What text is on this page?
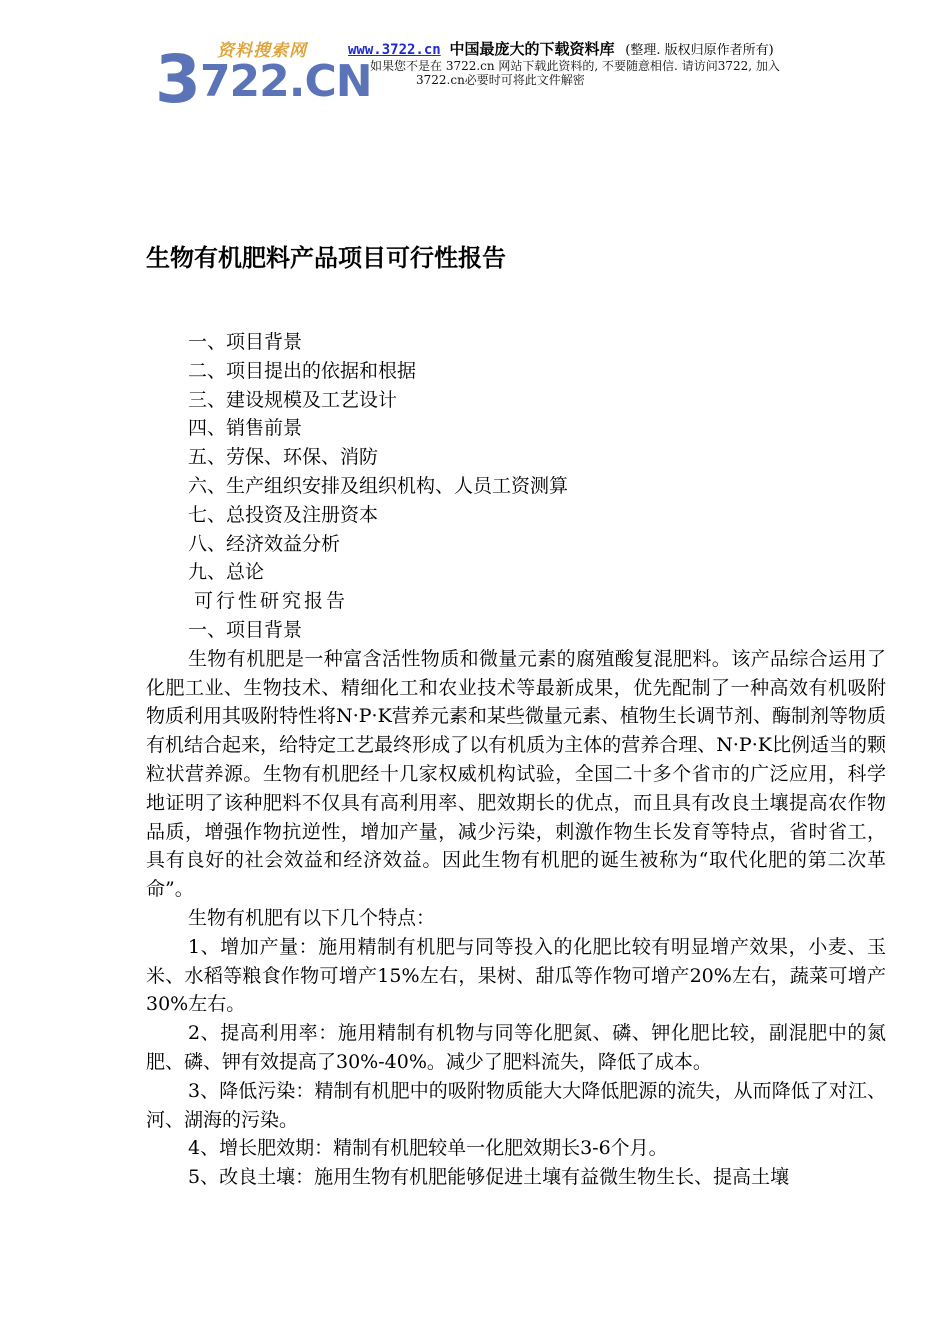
资料搜索网
3722.CN
www.3722.cn 中国最庞大的下载资料库 (整理. 版权归原作者所有)
如果您不是在 3722.cn 网站下载此资料的, 不要随意相信. 请访问3722, 加入
3722.cn必要时可将此文件解密
生物有机肥料产品项目可行性报告
一、项目背景
二、项目提出的依据和根据
三、建设规模及工艺设计
四、销售前景
五、劳保、环保、消防
六、生产组织安排及组织机构、人员工资测算
七、总投资及注册资本
八、经济效益分析
九、总论
可行性研究报告
一、项目背景

生物有机肥是一种富含活性物质和微量元素的腐殖酸复混肥料。该产品综合运用了化肥工业、生物技术、精细化工和农业技术等最新成果，优先配制了一种高效有机吸附物质利用其吸附特性将N·P·K营养元素和某些微量元素、植物生长调节剂、酶制剂等物质有机结合起来，给特定工艺最终形成了以有机质为主体的营养合理、N·P·K比例适当的颗粒状营养源。生物有机肥经十几家权威机构试验，全国二十多个省市的广泛应用，科学地证明了该种肥料不仅具有高利用率、肥效期长的优点，而且具有改良土壤提高农作物品质，增强作物抗逆性，增加产量，减少污染，刺激作物生长发育等特点，省时省工，具有良好的社会效益和经济效益。因此生物有机肥的诞生被称为“取代化肥的第二次革命”。

生物有机肥有以下几个特点：

1、增加产量：施用精制有机肥与同等投入的化肥比较有明显增产效果，小麦、玉米、水稻等粮食作物可增产15%左右，果树、甜瓜等作物可增产20%左右，蔬菜可增产30%左右。

2、提高利用率：施用精制有机物与同等化肥氮、磷、钾化肥比较，副混肥中的氮肥、磷、钾有效提高了30%-40%。减少了肥料流失，降低了成本。

3、降低污染：精制有机肥中的吸附物质能大大降低肥源的流失，从而降低了对江、河、湖海的污染。

4、增长肥效期：精制有机肥较单一化肥效期长3-6个月。

5、改良土壤：施用生物有机肥能够促进土壤有益微生物生长、提高土壤
